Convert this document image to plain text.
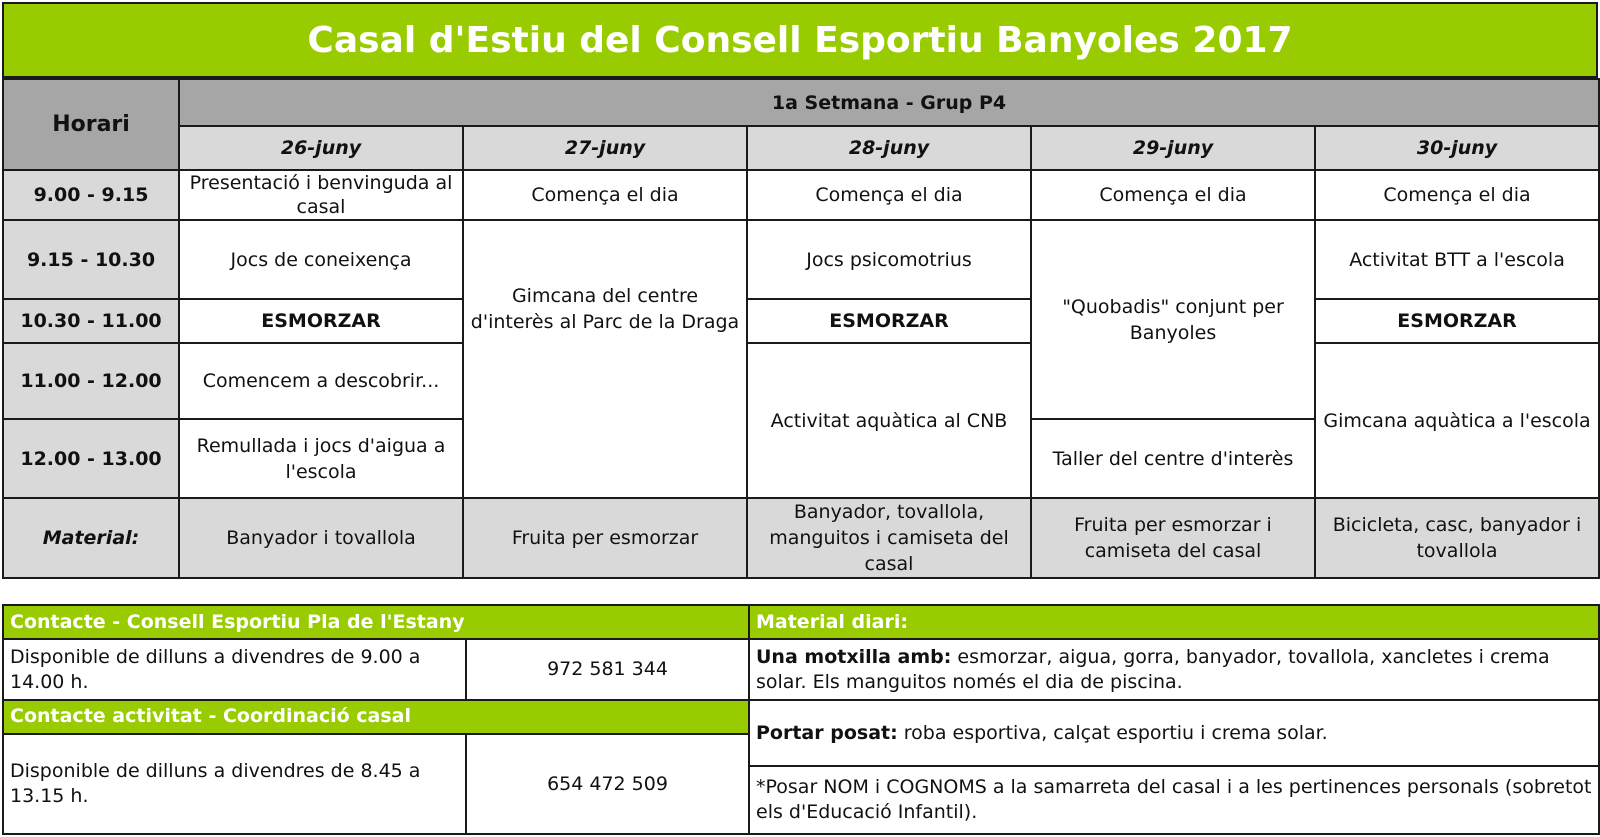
Casal d'Estiu del Consell Esportiu Banyoles 2017
Horari	1a Setmana - Grup P4				
	26-juny	27-juny	28-juny	29-juny	30-juny
9.00 - 9.15	Presentació i benvinguda al casal	Comença el dia	Comença el dia	Comença el dia	Comença el dia
9.15 - 10.30	Jocs de coneixença	Gimcana del centre d'interès al Parc de la Draga	Jocs psicomotrius	"Quobadis" conjunt per Banyoles	Activitat BTT a l'escola
10.30 - 11.00	ESMORZAR		ESMORZAR		ESMORZAR
11.00 - 12.00	Comencem a descobrir...		Activitat aquàtica al CNB		Gimcana aquàtica a l'escola
12.00 - 13.00	Remullada i jocs d'aigua a l'escola			Taller del centre d'interès	
Material:	Banyador i tovallola	Fruita per esmorzar	Banyador, tovallola, manguitos i camiseta del casal	Fruita per esmorzar i camiseta del casal	Bicicleta, casc, banyador i tovallola
Contacte - Consell Esportiu Pla de l'Estany		Material diari:
Disponible de dilluns a divendres de 9.00 a 14.00 h.	972 581 344	Una motxilla amb: esmorzar, aigua, gorra, banyador, tovallola, xancletes i crema solar. Els manguitos només el dia de piscina.
Contacte activitat - Coordinació casal		Portar posat: roba esportiva, calçat esportiu i crema solar.
Disponible de dilluns a divendres de 8.45 a 13.15 h.	654 472 509	
		*Posar NOM i COGNOMS a la samarreta del casal i a les pertinences personals (sobretot els d'Educació Infantil).
